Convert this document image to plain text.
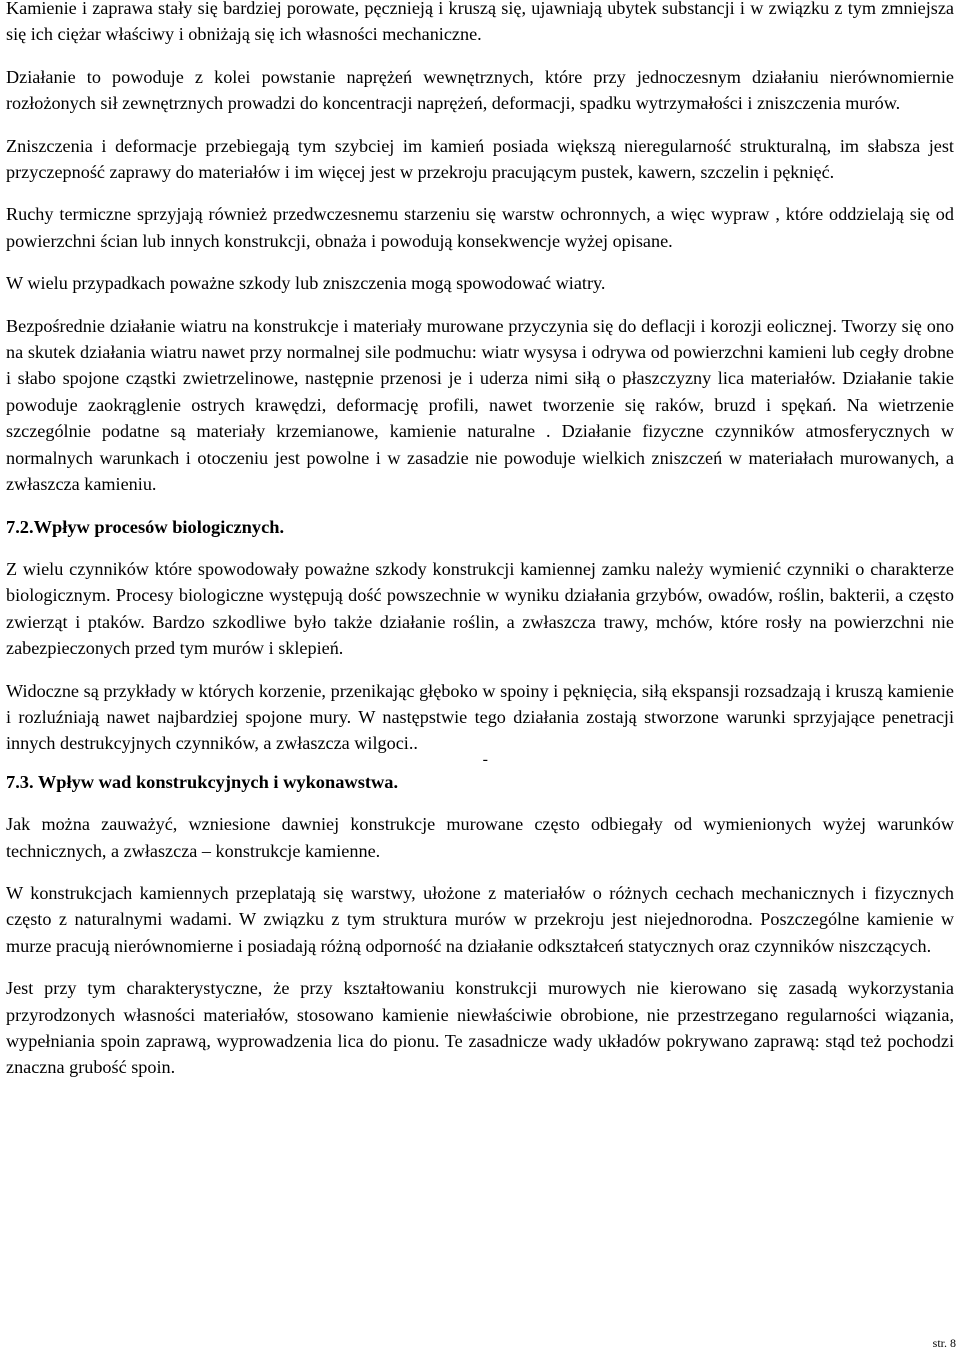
Kamienie i zaprawa stały się bardziej porowate, pęcznieją i kruszą się, ujawniają ubytek substancji i w związku z tym zmniejsza się ich ciężar właściwy i obniżają się ich własności mechaniczne.

Działanie to powoduje z kolei powstanie naprężeń wewnętrznych, które przy jednoczesnym działaniu nierównomiernie rozłożonych sił zewnętrznych prowadzi do koncentracji naprężeń, deformacji, spadku wytrzymałości i zniszczenia murów.

Zniszczenia i deformacje przebiegają tym szybciej im kamień posiada większą nieregularność strukturalną, im słabsza jest przyczepność zaprawy do materiałów i im więcej jest w przekroju pracującym pustek, kawern, szczelin i pęknięć.

Ruchy termiczne sprzyjają również przedwczesnemu starzeniu się warstw ochronnych, a więc wypraw , które oddzielają się od powierzchni ścian lub innych konstrukcji, obnaża i powodują konsekwencje wyżej opisane.

W wielu przypadkach poważne szkody lub zniszczenia mogą spowodować wiatry.

Bezpośrednie działanie wiatru na konstrukcje i materiały murowane przyczynia się do deflacji i korozji eolicznej. Tworzy się ono na skutek działania wiatru nawet przy normalnej sile podmuchu: wiatr wysysa i odrywa od powierzchni kamieni lub cegły drobne i słabo spojone cząstki zwietrzelinowe, następnie przenosi je i uderza nimi siłą o płaszczyzny lica materiałów. Działanie takie powoduje zaokrąglenie ostrych krawędzi, deformację profili, nawet tworzenie się raków, bruzd i spękań. Na wietrzenie szczególnie podatne są materiały krzemianowe, kamienie naturalne . Działanie fizyczne czynników atmosferycznych w normalnych warunkach i otoczeniu jest powolne i w zasadzie nie powoduje wielkich zniszczeń w materiałach murowanych, a zwłaszcza kamieniu.

7.2.Wpływ procesów biologicznych.

Z wielu czynników które spowodowały poważne szkody konstrukcji kamiennej zamku należy wymienić czynniki o charakterze biologicznym. Procesy biologiczne występują dość powszechnie w wyniku działania grzybów, owadów, roślin, bakterii, a często zwierząt i ptaków. Bardzo szkodliwe było także działanie roślin, a zwłaszcza trawy, mchów, które rosły na powierzchni nie zabezpieczonych przed tym murów i sklepień.

Widoczne są przykłady w których korzenie, przenikając głęboko w spoiny i pęknięcia, siłą ekspansji rozsadzają i kruszą kamienie i rozluźniają nawet najbardziej spojone mury. W następstwie tego działania zostają stworzone warunki sprzyjające penetracji innych destrukcyjnych czynników, a zwłaszcza wilgoci..

-

7.3. Wpływ wad konstrukcyjnych i wykonawstwa.

Jak można zauważyć, wzniesione dawniej konstrukcje murowane często odbiegały od wymienionych wyżej warunków technicznych, a zwłaszcza – konstrukcje kamienne.

W konstrukcjach kamiennych przeplatają się warstwy, ułożone z materiałów o różnych cechach mechanicznych i fizycznych często z naturalnymi wadami. W związku z tym struktura murów w przekroju jest niejednorodna. Poszczególne kamienie w murze pracują nierównomierne i posiadają różną odporność na działanie odkształceń statycznych oraz czynników niszczących.

Jest przy tym charakterystyczne, że przy kształtowaniu konstrukcji murowych nie kierowano się zasadą wykorzystania przyrodzonych własności materiałów, stosowano kamienie niewłaściwie obrobione, nie przestrzegano regularności wiązania, wypełniania spoin zaprawą, wyprowadzenia lica do pionu. Te zasadnicze wady układów pokrywano zaprawą: stąd też pochodzi znaczna grubość spoin.

str. 8
